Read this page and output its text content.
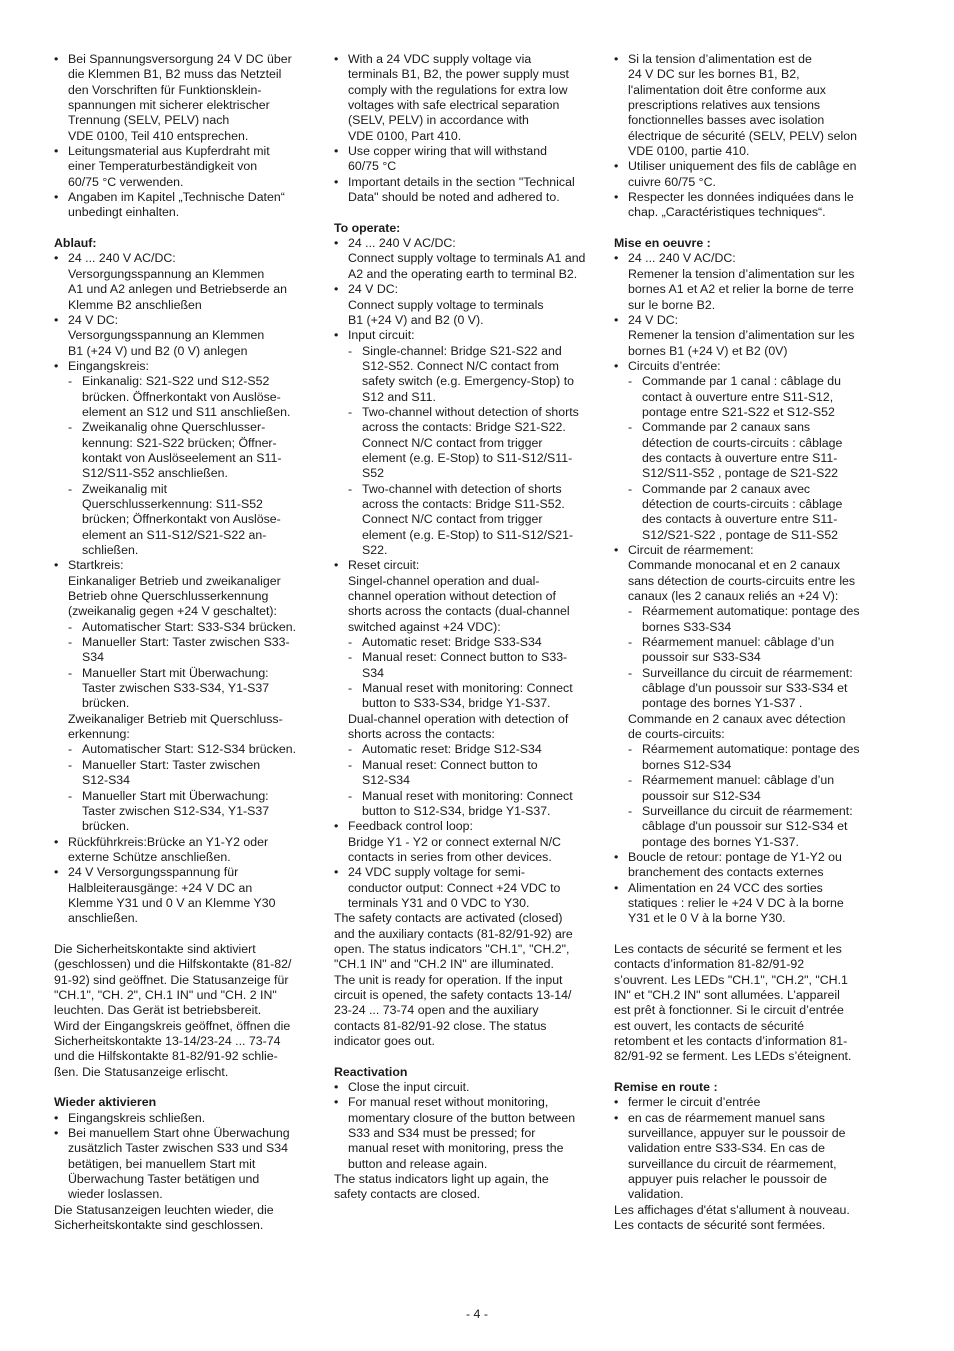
• Bei Spannungsversorgung 24 V DC über
die Klemmen B1, B2 muss das Netzteil
den Vorschriften für Funktionsklein-
spannungen mit sicherer elektrischer
Trennung (SELV, PELV) nach
VDE 0100, Teil 410 entsprechen.
• Leitungsmaterial aus Kupferdraht mit
einer Temperaturbeständigkeit von
60/75 °C verwenden.
• Angaben im Kapitel „Technische Daten“
unbedingt einhalten.
Ablauf:
• 24 ... 240 V AC/DC:
Versorgungsspannung an Klemmen
A1 und A2 anlegen und Betriebserde an
Klemme B2 anschließen
• 24 V DC:
Versorgungsspannung an Klemmen
B1 (+24 V) und B2 (0 V) anlegen
• Eingangskreis:
- Einkanalig: S21-S22 und S12-S52
brücken. Öffnerkontakt von Auslöse-
element an S12 und S11 anschließen.
- Zweikanalig ohne Querschlusser-
kennung: S21-S22 brücken; Öffner-
kontakt von Auslöseelement an S11-
S12/S11-S52 anschließen.
- Zweikanalig mit
Querschlusserkennung: S11-S52
brücken; Öffnerkontakt von Auslöse-
element an S11-S12/S21-S22 an-
schließen.
• Startkreis:
Einkanaliger Betrieb und zweikanaliger
Betrieb ohne Querschlusserkennung
(zweikanalig gegen +24 V geschaltet):
- Automatischer Start: S33-S34 brücken.
- Manueller Start: Taster zwischen S33-
S34
- Manueller Start mit Überwachung:
Taster zwischen S33-S34, Y1-S37
brücken.
Zweikanaliger Betrieb mit Querschluss-
erkennung:
- Automatischer Start: S12-S34 brücken.
- Manueller Start: Taster zwischen
S12-S34
- Manueller Start mit Überwachung:
Taster zwischen S12-S34, Y1-S37
brücken.
• Rückführkreis:Brücke an Y1-Y2 oder
externe Schütze anschließen.
• 24 V Versorgungsspannung für
Halbleiterausgänge: +24 V DC an
Klemme Y31 und 0 V an Klemme Y30
anschließen.
Die Sicherheitskontakte sind aktiviert
(geschlossen) und die Hilfskontakte (81-82/
91-92) sind geöffnet. Die Statusanzeige für
"CH.1", "CH. 2", CH.1 IN" und "CH. 2 IN"
leuchten. Das Gerät ist betriebsbereit.
Wird der Eingangskreis geöffnet, öffnen die
Sicherheitskontakte 13-14/23-24 ... 73-74
und die Hilfskontakte 81-82/91-92 schlie-
ßen. Die Statusanzeige erlischt.
Wieder aktivieren
• Eingangskreis schließen.
• Bei manuellem Start ohne Überwachung
zusätzlich Taster zwischen S33 und S34
betätigen, bei manuellem Start mit
Überwachung Taster betätigen und
wieder loslassen.
Die Statusanzeigen leuchten wieder, die
Sicherheitskontakte sind geschlossen.
• With a 24 VDC supply voltage via
terminals B1, B2, the power supply must
comply with the regulations for extra low
voltages with safe electrical separation
(SELV, PELV) in accordance with
VDE 0100, Part 410.
• Use copper wiring that will withstand
60/75 °C
• Important details in the section "Technical
Data" should be noted and adhered to.
To operate:
• 24 ... 240 V AC/DC:
Connect supply voltage to terminals A1 and
A2 and the operating earth to terminal B2.
• 24 V DC:
Connect supply voltage to terminals
B1 (+24 V) and B2 (0 V).
• Input circuit:
- Single-channel: Bridge S21-S22 and
S12-S52. Connect N/C contact from
safety switch (e.g. Emergency-Stop) to
S12 and S11.
- Two-channel without detection of shorts
across the contacts: Bridge S21-S22.
Connect N/C contact from trigger
element (e.g. E-Stop) to S11-S12/S11-
S52
- Two-channel with detection of shorts
across the contacts: Bridge S11-S52.
Connect N/C contact from trigger
element (e.g. E-Stop) to S11-S12/S21-
S22.
• Reset circuit:
Singel-channel operation and dual-
channel operation without detection of
shorts across the contacts (dual-channel
switched against +24 VDC):
- Automatic reset: Bridge S33-S34
- Manual reset: Connect button to S33-
S34
- Manual reset with monitoring: Connect
button to S33-S34, bridge Y1-S37.
Dual-channel operation with detection of
shorts across the contacts:
- Automatic reset: Bridge S12-S34
- Manual reset: Connect button to
S12-S34
- Manual reset with monitoring: Connect
button to S12-S34, bridge Y1-S37.
• Feedback control loop:
Bridge Y1 - Y2 or connect external N/C
contacts in series from other devices.
• 24 VDC supply voltage for semi-
conductor output: Connect +24 VDC to
terminals Y31 and 0 VDC to Y30.
The safety contacts are activated (closed)
and the auxiliary contacts (81-82/91-92) are
open. The status indicators "CH.1", "CH.2",
"CH.1 IN" and "CH.2 IN" are illuminated.
The unit is ready for operation. If the input
circuit is opened, the safety contacts 13-14/
23-24 ... 73-74 open and the auxiliary
contacts 81-82/91-92 close. The status
indicator goes out.
Reactivation
• Close the input circuit.
• For manual reset without monitoring,
momentary closure of the button between
S33 and S34 must be pressed; for
manual reset with monitoring, press the
button and release again.
The status indicators light up again, the
safety contacts are closed.
• Si la tension d’alimentation est de
24 V DC sur les bornes B1, B2,
l'alimentation doit être conforme aux
prescriptions relatives aux tensions
fonctionnelles basses avec isolation
électrique de sécurité (SELV, PELV) selon
VDE 0100, partie 410.
• Utiliser uniquement des fils de cablâge en
cuivre 60/75 °C.
• Respecter les données indiquées dans le
chap. „Caractéristiques techniques“.
Mise en oeuvre :
• 24 ... 240 V AC/DC:
Remener la tension d’alimentation sur les
bornes A1 et A2 et relier la borne de terre
sur le borne B2.
• 24 V DC:
Remener la tension d’alimentation sur les
bornes B1 (+24 V) et B2 (0V)
• Circuits d’entrée:
- Commande par 1 canal : câblage du
contact à ouverture entre S11-S12,
pontage entre S21-S22 et S12-S52
- Commande par 2 canaux sans
détection de courts-circuits : câblage
des contacts à ouverture entre S11-
S12/S11-S52 , pontage de S21-S22
- Commande par 2 canaux avec
détection de courts-circuits : câblage
des contacts à ouverture entre S11-
S12/S21-S22 , pontage de S11-S52
• Circuit de réarmement:
Commande monocanal et en 2 canaux
sans détection de courts-circuits entre les
canaux (les 2 canaux reliés an +24 V):
- Réarmement automatique: pontage des
bornes S33-S34
- Réarmement manuel: câblage d’un
poussoir sur S33-S34
- Surveillance du circuit de réarmement:
câblage d'un poussoir sur S33-S34 et
pontage des bornes Y1-S37 .
Commande en 2 canaux avec détection
de courts-circuits:
- Réarmement automatique: pontage des
bornes S12-S34
- Réarmement manuel: câblage d’un
poussoir sur S12-S34
- Surveillance du circuit de réarmement:
câblage d'un poussoir sur S12-S34 et
pontage des bornes Y1-S37.
• Boucle de retour: pontage de Y1-Y2 ou
branchement des contacts externes
• Alimentation en 24 VCC des sorties
statiques : relier le +24 V DC à la borne
Y31 et le 0 V à la borne Y30.
Les contacts de sécurité se ferment et les
contacts d’information 81-82/91-92
s’ouvrent. Les LEDs "CH.1", "CH.2", "CH.1
IN" et "CH.2 IN" sont allumées. L’appareil
est prêt à fonctionner. Si le circuit d’entrée
est ouvert, les contacts de sécurité
retombent et les contacts d’information 81-
82/91-92 se ferment. Les LEDs s’éteignent.
Remise en route :
• fermer le circuit d’entrée
• en cas de réarmement manuel sans
surveillance, appuyer sur le poussoir de
validation entre S33-S34. En cas de
surveillance du circuit de réarmement,
appuyer puis relacher le poussoir de
validation.
Les affichages d'état s'allument à nouveau.
Les contacts de sécurité sont fermées.
- 4 -
